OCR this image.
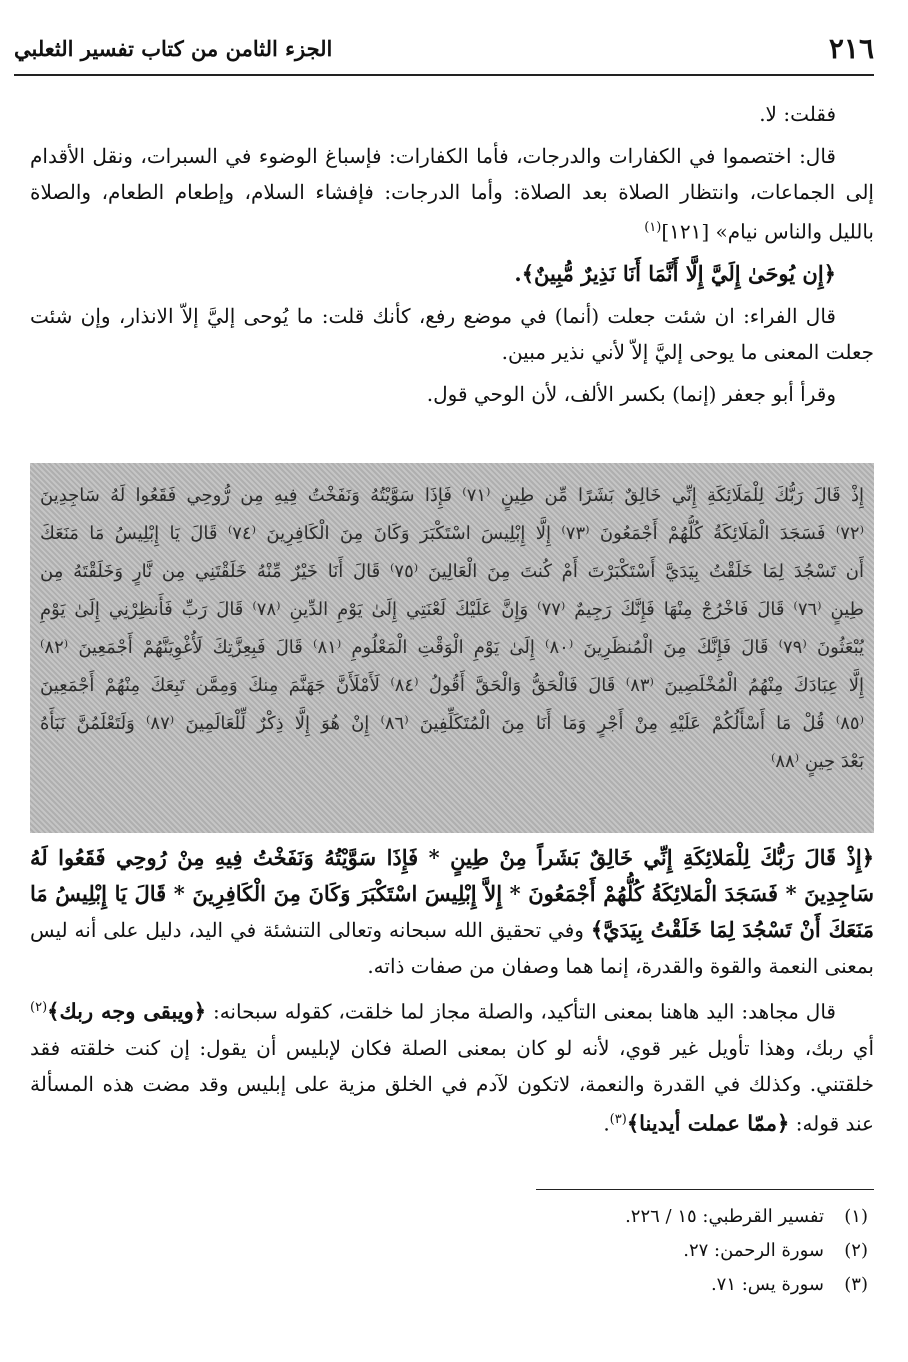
٢١٦
الجزء الثامن من كتاب تفسير الثعلبي

فقلت: لا.

قال: اختصموا في الكفارات والدرجات، فأما الكفارات: فإسباغ الوضوء في السبرات، ونقل الأقدام إلى الجماعات، وانتظار الصلاة بعد الصلاة: وأما الدرجات: فإفشاء السلام، وإطعام الطعام، والصلاة بالليل والناس نيام» [١٢١]$^{(١)}$

﴿إِن يُوحَىٰ إِلَيَّ إِلَّا أَنَّمَا أَنَا نَذِيرٌ مُّبِينٌ﴾.

قال الفراء: ان شئت جعلت (أنما) في موضع رفع، كأنك قلت: ما يُوحى إليَّ إلاّ الانذار، وإن شئت جعلت المعنى ما يوحى إليَّ إلاّ لأني نذير مبين.

وقرأ أبو جعفر (إنما) بكسر الألف، لأن الوحي قول.

إِذْ قَالَ رَبُّكَ لِلْمَلَائِكَةِ إِنِّي خَالِقٌ بَشَرًا مِّن طِينٍ ⁽٧١⁾ فَإِذَا سَوَّيْتُهُ وَنَفَخْتُ فِيهِ مِن رُّوحِي فَقَعُوا لَهُ سَاجِدِينَ
⁽٧٢⁾ فَسَجَدَ الْمَلَائِكَةُ كُلُّهُمْ أَجْمَعُونَ ⁽٧٣⁾ إِلَّا إِبْلِيسَ اسْتَكْبَرَ وَكَانَ مِنَ الْكَافِرِينَ ⁽٧٤⁾ قَالَ يَا إِبْلِيسُ مَا مَنَعَكَ
أَن تَسْجُدَ لِمَا خَلَقْتُ بِيَدَيَّ أَسْتَكْبَرْتَ أَمْ كُنتَ مِنَ الْعَالِينَ ⁽٧٥⁾ قَالَ أَنَا خَيْرٌ مِّنْهُ خَلَقْتَنِي مِن نَّارٍ وَخَلَقْتَهُ مِن
طِينٍ ⁽٧٦⁾ قَالَ فَاخْرُجْ مِنْهَا فَإِنَّكَ رَجِيمٌ ⁽٧٧⁾ وَإِنَّ عَلَيْكَ لَعْنَتِي إِلَىٰ يَوْمِ الدِّينِ ⁽٧٨⁾ قَالَ رَبِّ فَأَنظِرْنِي إِلَىٰ يَوْمِ
يُبْعَثُونَ ⁽٧٩⁾ قَالَ فَإِنَّكَ مِنَ الْمُنظَرِينَ ⁽٨٠⁾ إِلَىٰ يَوْمِ الْوَقْتِ الْمَعْلُومِ ⁽٨١⁾ قَالَ فَبِعِزَّتِكَ لَأُغْوِيَنَّهُمْ أَجْمَعِينَ ⁽٨٢⁾
إِلَّا عِبَادَكَ مِنْهُمُ الْمُخْلَصِينَ ⁽٨٣⁾ قَالَ فَالْحَقُّ وَالْحَقَّ أَقُولُ ⁽٨٤⁾ لَأَمْلَأَنَّ جَهَنَّمَ مِنكَ وَمِمَّن تَبِعَكَ مِنْهُمْ أَجْمَعِينَ
⁽٨٥⁾ قُلْ مَا أَسْأَلُكُمْ عَلَيْهِ مِنْ أَجْرٍ وَمَا أَنَا مِنَ الْمُتَكَلِّفِينَ ⁽٨٦⁾ إِنْ هُوَ إِلَّا ذِكْرٌ لِّلْعَالَمِينَ ⁽٨٧⁾ وَلَتَعْلَمُنَّ نَبَأَهُ
بَعْدَ حِينٍ ⁽٨٨⁾

﴿إِذْ قَالَ رَبُّكَ لِلْمَلائِكَةِ إِنِّي خَالِقٌ بَشَراً مِنْ طِينٍ * فَإِذَا سَوَّيْتُهُ وَنَفَخْتُ فِيهِ مِنْ رُوحِي فَقَعُوا لَهُ سَاجِدِينَ * فَسَجَدَ الْمَلائِكَةُ كُلُّهُمْ أَجْمَعُونَ * إِلاَّ إِبْلِيسَ اسْتَكْبَرَ وَكَانَ مِنَ الْكَافِرِينَ * قَالَ يَا إِبْلِيسُ مَا مَنَعَكَ أَنْ تَسْجُدَ لِمَا خَلَقْتُ بِيَدَيَّ﴾ وفي تحقيق الله سبحانه وتعالى التنشئة في اليد، دليل على أنه ليس بمعنى النعمة والقوة والقدرة، إنما هما وصفان من صفات ذاته.

قال مجاهد: اليد هاهنا بمعنى التأكيد، والصلة مجاز لما خلقت، كقوله سبحانه: ﴿ويبقى وجه ربك﴾$^{(٢)}$ أي ربك، وهذا تأويل غير قوي، لأنه لو كان بمعنى الصلة فكان لإبليس أن يقول: إن كنت خلقته فقد خلقتني. وكذلك في القدرة والنعمة، لاتكون لآدم في الخلق مزية على إبليس وقد مضت هذه المسألة عند قوله: ﴿ممّا عملت أيدينا﴾$^{(٣)}$.

(١)تفسير القرطبي: ١٥ / ٢٢٦.
(٢)سورة الرحمن: ٢٧.
(٣)سورة يس: ٧١.
